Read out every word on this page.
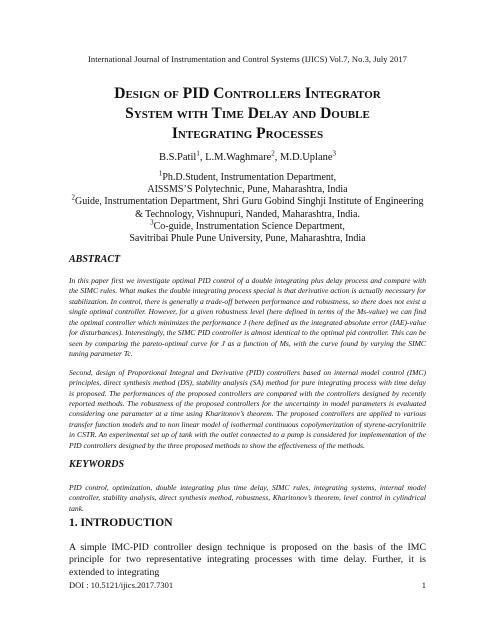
International Journal of Instrumentation and Control Systems (IJICS) Vol.7, No.3, July 2017
Design of PID Controllers Integrator
System with Time Delay and Double
Integrating Processes
B.S.Patil$^1$, L.M.Waghmare$^2$, M.D.Uplane$^3$
$^1$Ph.D.Student, Instrumentation Department,
AISSMS’S Polytechnic, Pune, Maharashtra, India
$^2$Guide, Instrumentation Department, Shri Guru Gobind Singhji Institute of Engineering
& Technology, Vishnupuri, Nanded, Maharashtra, India.
$^3$Co-guide, Instrumentation Science Department,
Savitribai Phule Pune University, Pune, Maharashtra, India
ABSTRACT

In this paper first we investigate optimal PID control of a double integrating plus delay process and compare with the SIMC rules. What makes the double integrating process special is that derivative action is actually necessary for stabilization. In control, there is generally a trade-off between performance and robustness, so there does not exist a single optimal controller. However, for a given robustness level (here defined in terms of the Ms-value) we can find the optimal controller which minimizes the performance J (here defined as the integrated absolute error (IAE)-value for disturbances). Interestingly, the SIMC PID controller is almost identical to the optimal pid controller. This can be seen by comparing the pareto-optimal curve for J as a function of Ms, with the curve found by varying the SIMC tuning parameter Tc.

Second, design of Proportional Integral and Derivative (PID) controllers based on internal model control (IMC) principles, direct synthesis method (DS), stability analysis (SA) method for pure integrating process with time delay is proposed. The performances of the proposed controllers are compared with the controllers designed by recently reported methods. The robustness of the proposed controllers for the uncertainty in model parameters is evaluated considering one parameter at a time using Kharitonov’s theorem. The proposed controllers are applied to various transfer function models and to non linear model of isothermal continuous copolymerization of styrene-acrylonitrile in CSTR. An experimental set up of tank with the outlet connected to a pump is considered for implementation of the PID controllers designed by the three proposed methods to show the effectiveness of the methods.

KEYWORDS
PID control, optimization, double integrating plus time delay, SIMC rules, integrating systems, internal model controller, stability analysis, direct synthesis method, robustness, Kharitonov’s theorem, level control in cylindrical tank.
1. INTRODUCTION
A simple IMC-PID controller design technique is proposed on the basis of the IMC principle for two representative integrating processes with time delay. Further, it is extended to integrating
DOI : 10.5121/ijics.2017.7301	1
